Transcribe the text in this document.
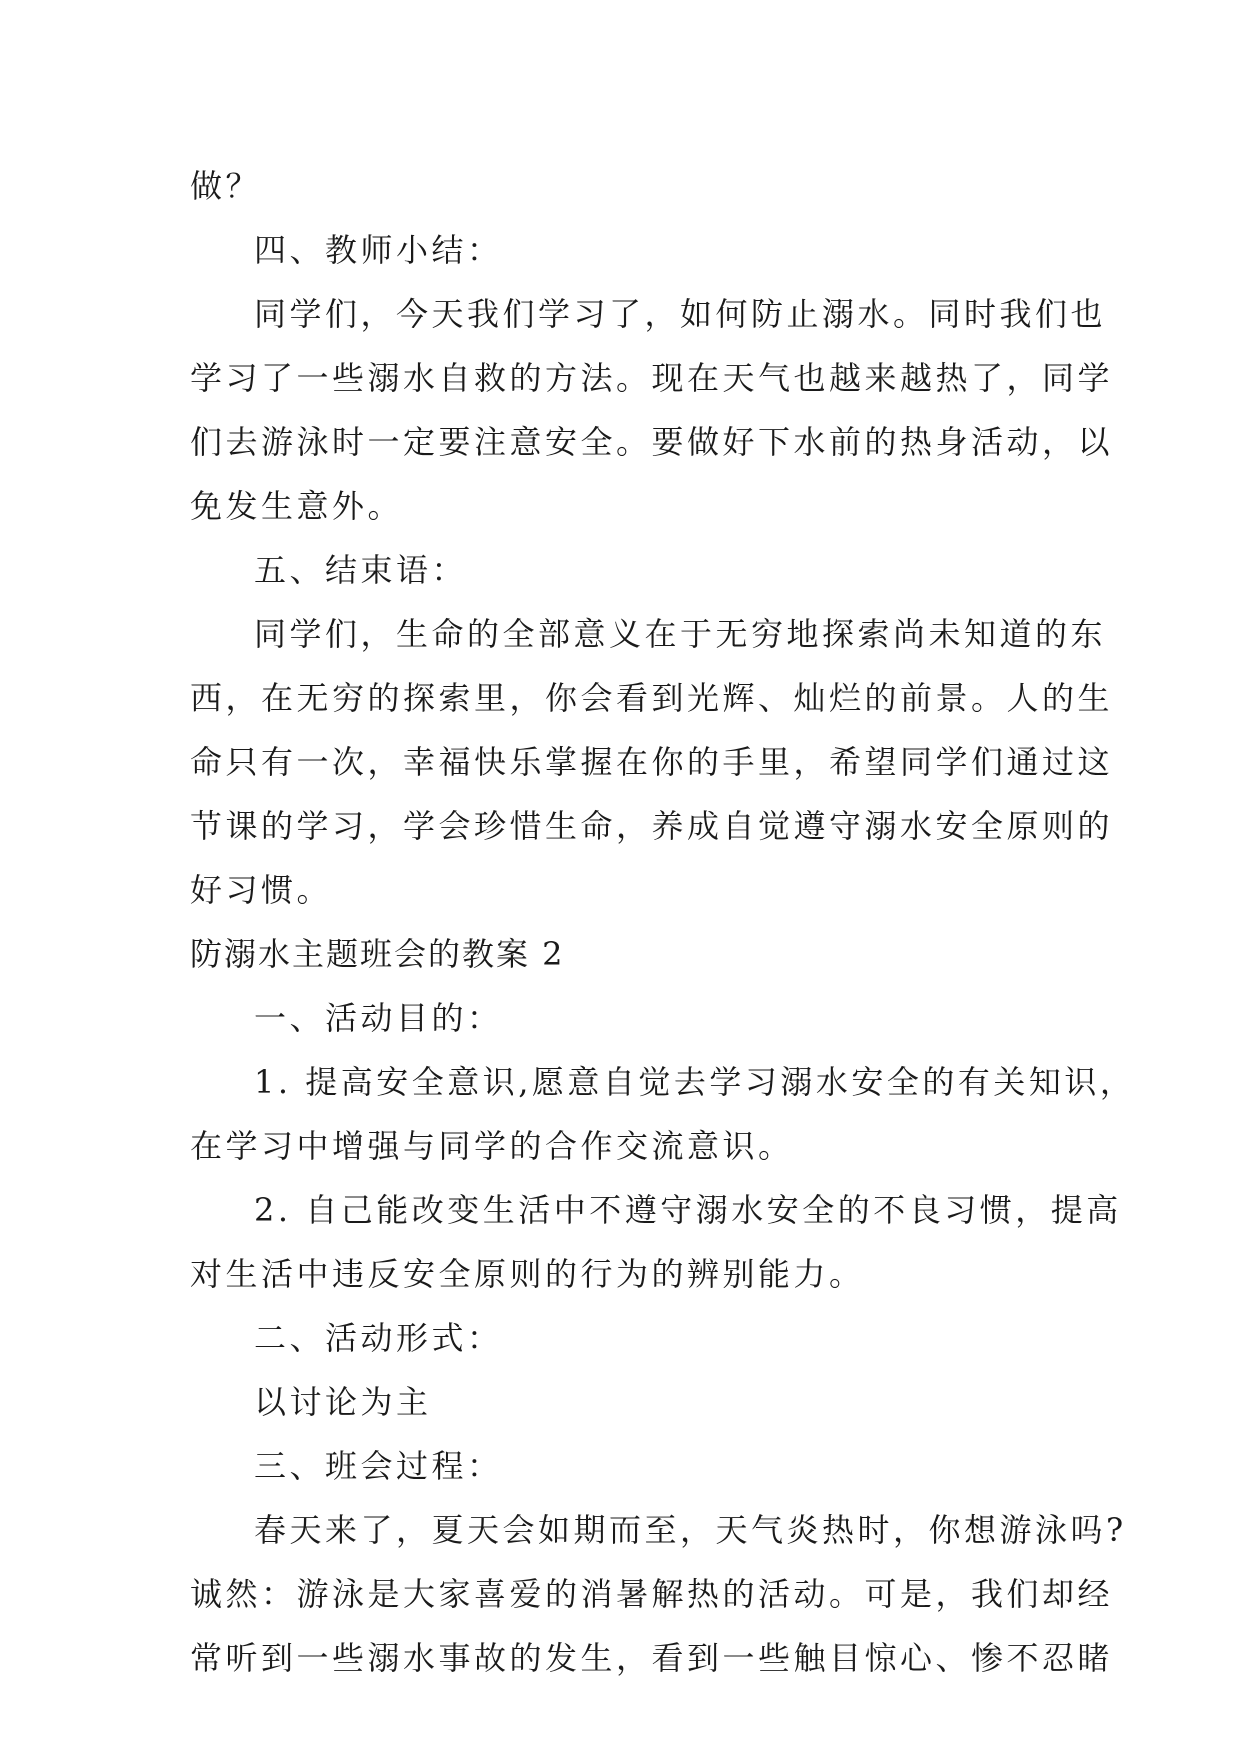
做？
四、教师小结：
同学们，今天我们学习了，如何防止溺水。同时我们也
学习了一些溺水自救的方法。现在天气也越来越热了，同学
们去游泳时一定要注意安全。要做好下水前的热身活动，以
免发生意外。
五、结束语：
同学们，生命的全部意义在于无穷地探索尚未知道的东
西，在无穷的探索里，你会看到光辉、灿烂的前景。人的生
命只有一次，幸福快乐掌握在你的手里，希望同学们通过这
节课的学习，学会珍惜生命，养成自觉遵守溺水安全原则的
好习惯。
防溺水主题班会的教案 2
一、活动目的：
1. 提高安全意识,愿意自觉去学习溺水安全的有关知识，
在学习中增强与同学的合作交流意识。
2. 自己能改变生活中不遵守溺水安全的不良习惯，提高
对生活中违反安全原则的行为的辨别能力。
二、活动形式：
以讨论为主
三、班会过程：
春天来了，夏天会如期而至，天气炎热时，你想游泳吗?
诚然：游泳是大家喜爱的消暑解热的活动。可是，我们却经
常听到一些溺水事故的发生，看到一些触目惊心、惨不忍睹
